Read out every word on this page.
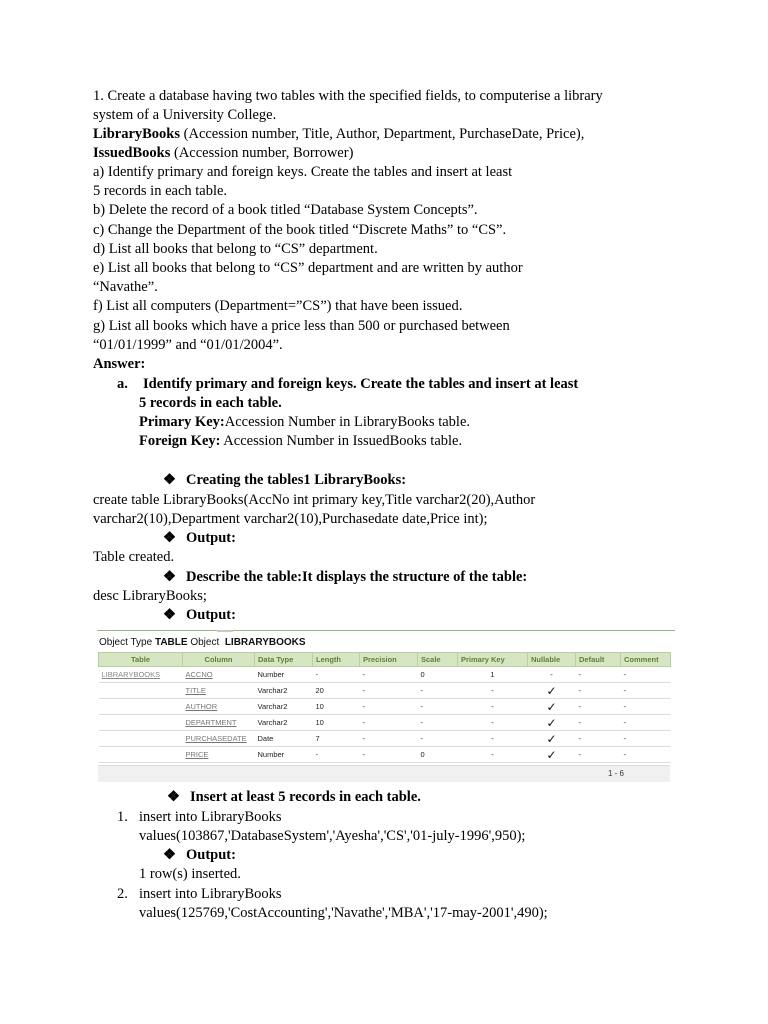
1. Create a database having two tables with the specified fields, to computerise a library
system of a University College.
LibraryBooks (Accession number, Title, Author, Department, PurchaseDate, Price),
IssuedBooks (Accession number, Borrower)
a) Identify primary and foreign keys. Create the tables and insert at least
5 records in each table.
b) Delete the record of a book titled “Database System Concepts”.
c) Change the Department of the book titled “Discrete Maths” to “CS”.
d) List all books that belong to “CS” department.
e) List all books that belong to “CS” department and are written by author
“Navathe”.
f) List all computers (Department=”CS”) that have been issued.
g) List all books which have a price less than 500 or purchased between
“01/01/1999” and “01/01/2004”.
Answer:
a. Identify primary and foreign keys. Create the tables and insert at least
5 records in each table.
Primary Key:Accession Number in LibraryBooks table.
Foreign Key: Accession Number in IssuedBooks table.
❖ Creating the tables1 LibraryBooks:
create table LibraryBooks(AccNo int primary key,Title varchar2(20),Author
varchar2(10),Department varchar2(10),Purchasedate date,Price int);
❖ Output:
Table created.
❖ Describe the table:It displays the structure of the table:
desc LibraryBooks;
❖ Output:
Object Type TABLE Object LIBRARYBOOKS
Table	Column	Data Type	Length	Precision	Scale	Primary Key	Nullable	Default	Comment
LIBRARYBOOKS	ACCNO	Number	-	-	0	1	-	-	-
	TITLE	Varchar2	20	-	-	-	✓	-	-
	AUTHOR	Varchar2	10	-	-	-	✓	-	-
	DEPARTMENT	Varchar2	10	-	-	-	✓	-	-
	PURCHASEDATE	Date	7	-	-	-	✓	-	-
	PRICE	Number	-	-	0	-	✓	-	-
1 - 6
❖ Insert at least 5 records in each table.
1. insert into LibraryBooks
values(103867,'DatabaseSystem','Ayesha','CS','01-july-1996',950);
❖ Output:
1 row(s) inserted.
2. insert into LibraryBooks
values(125769,'CostAccounting','Navathe','MBA','17-may-2001',490);
